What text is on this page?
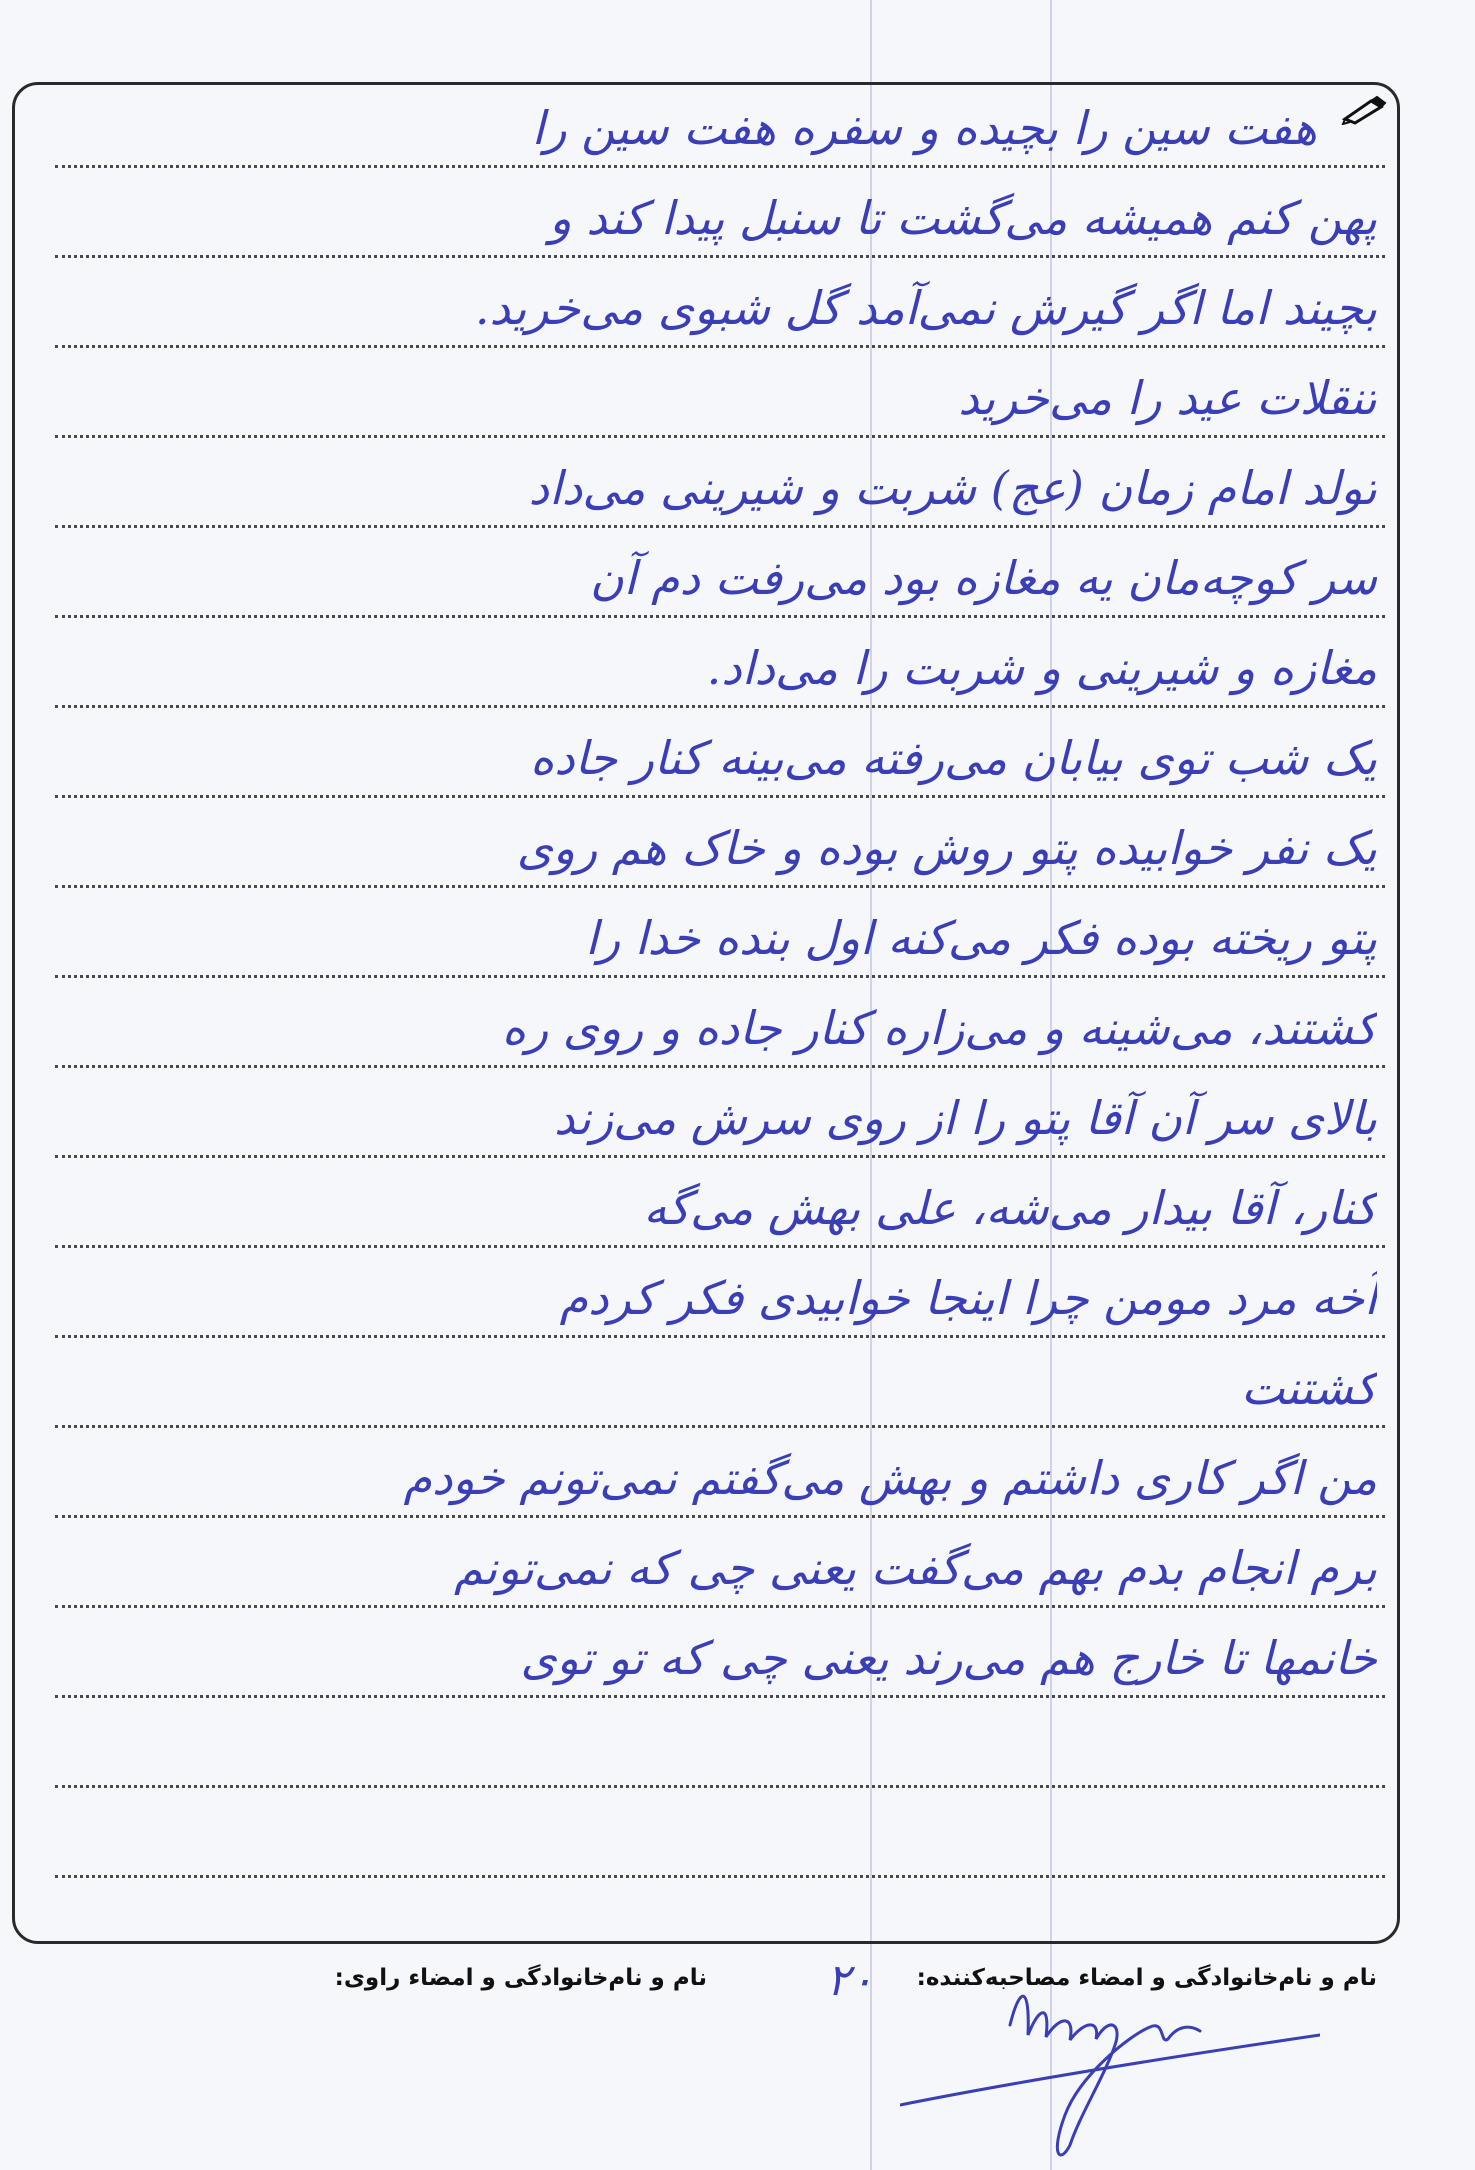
هفت سین را بچیده و سفره هفت سین را
پهن کنم همیشه می‌گشت تا سنبل پیدا کند و
بچیند اما اگر گیرش نمی‌آمد گل شبوی می‌خرید.
تنقلات عید را می‌خرید
تولد امام زمان (عج) شربت و شیرینی می‌داد
سر کوچه‌مان یه مغازه بود می‌رفت دم آن
مغازه و شیرینی و شربت را می‌داد.
یک شب توی بیابان می‌رفته می‌بینه کنار جاده
یک نفر خوابیده پتو روش بوده و خاک هم روی
پتو ریخته بوده فکر می‌کنه اول بنده خدا را
کشتند، می‌شینه و می‌زاره کنار جاده و روی ره
بالای سر آن آقا پتو را از روی سرش می‌زند
کنار، آقا بیدار می‌شه، علی بهش می‌گه
آخه مرد مومن چرا اینجا خوابیدی فکر کردم
کشتنت
من اگر کاری داشتم و بهش می‌گفتم نمی‌تونم خودم
برم انجام بدم بهم می‌گفت یعنی چی که نمی‌تونم
خانمها تا خارج هم می‌رند یعنی چی که تو توی
نام و نام‌خانوادگی و امضاء مصاحبه‌کننده:
نام و نام‌خانوادگی و امضاء راوی:	۲۰
